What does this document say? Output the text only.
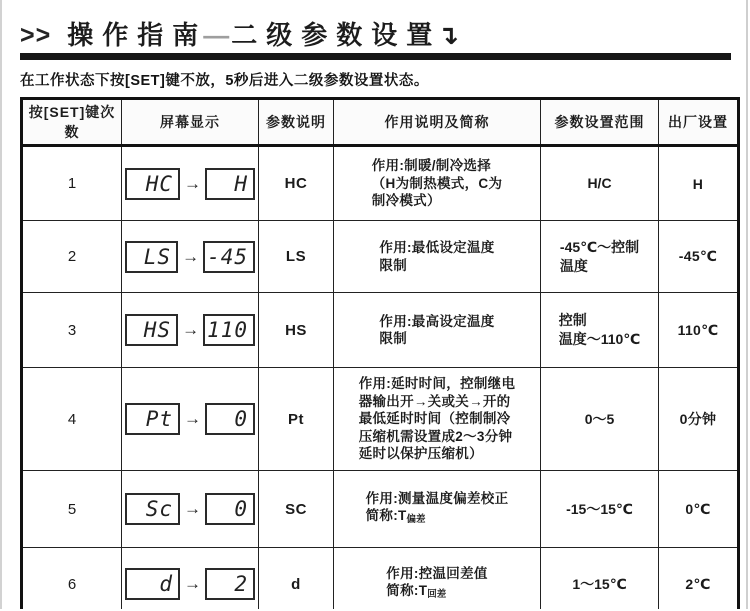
>> 操作指南
— 二级参数设置
↴

在工作状态下按[SET]键不放，5秒后进入二级参数设置状态。

按[SET]键次数	屏幕显示	参数说明	作用说明及简称	参数设置范围	出厂设置
1	HC → H	HC	作用:制暖/制冷选择
（H为制热模式，C为
制冷模式）	H/C	H
2	LS → -45	LS	作用:最低设定温度
限制	-45℃～控制
温度	-45℃
3	HS → 110	HS	作用:最高设定温度
限制	控制
温度～110℃	110℃
4	Pt → 0	Pt	作用:延时时间，控制继电
器输出开→关或关→开的
最低延时时间（控制制冷
压缩机需设置成2～3分钟
延时以保护压缩机）	0～5	0分钟
5	Sc → 0	SC	作用:测量温度偏差校正
简称:T偏差	-15～15℃	0℃
6	d → 2	d	作用:控温回差值
简称:T回差	1～15℃	2℃
